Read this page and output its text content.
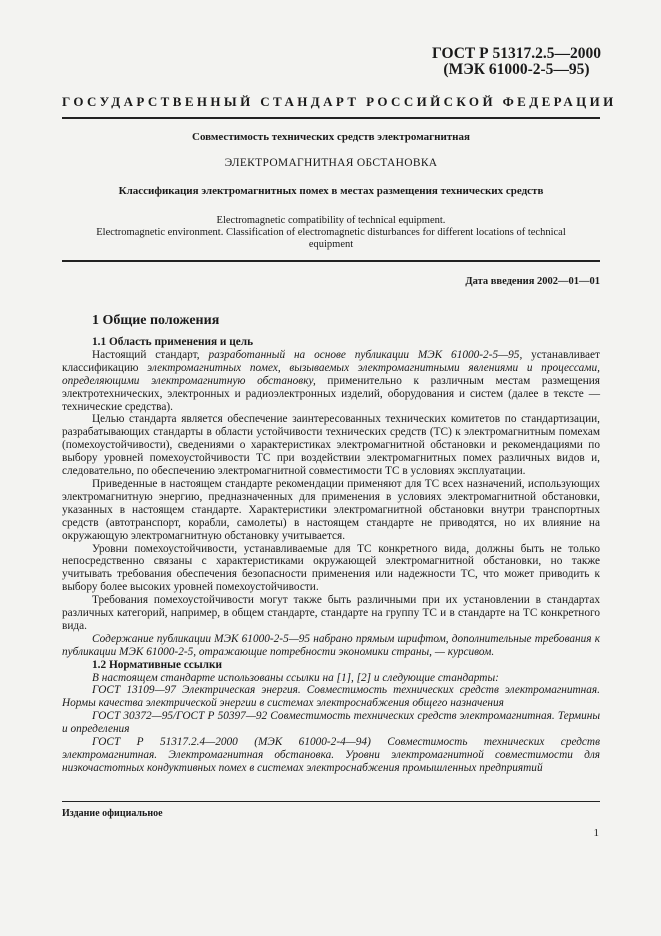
ГОСТ Р 51317.2.5—2000
(МЭК 61000-2-5—95)
ГОСУДАРСТВЕННЫЙ СТАНДАРТ РОССИЙСКОЙ ФЕДЕРАЦИИ
Совместимость технических средств электромагнитная
ЭЛЕКТРОМАГНИТНАЯ ОБСТАНОВКА
Классификация электромагнитных помех в местах размещения технических средств
Electromagnetic compatibility of technical equipment.
Electromagnetic environment. Classification of electromagnetic disturbances for different locations of technical equipment
Дата введения 2002—01—01
1 Общие положения

1.1 Область применения и цель

Настоящий стандарт, разработанный на основе публикации МЭК 61000-2-5—95, устанавливает классификацию электромагнитных помех, вызываемых электромагнитными явлениями и процессами, определяющими электромагнитную обстановку, применительно к различным местам размещения электротехнических, электронных и радиоэлектронных изделий, оборудования и систем (далее в тексте — технические средства).

Целью стандарта является обеспечение заинтересованных технических комитетов по стандартизации, разрабатывающих стандарты в области устойчивости технических средств (ТС) к электромагнитным помехам (помехоустойчивости), сведениями о характеристиках электромагнитной обстановки и рекомендациями по выбору уровней помехоустойчивости ТС при воздействии электромагнитных помех различных видов и, следовательно, по обеспечению электромагнитной совместимости ТС в условиях эксплуатации.

Приведенные в настоящем стандарте рекомендации применяют для ТС всех назначений, использующих электромагнитную энергию, предназначенных для применения в условиях электромагнитной обстановки, указанных в настоящем стандарте. Характеристики электромагнитной обстановки внутри транспортных средств (автотранспорт, корабли, самолеты) в настоящем стандарте не приводятся, но их влияние на окружающую электромагнитную обстановку учитывается.

Уровни помехоустойчивости, устанавливаемые для ТС конкретного вида, должны быть не только непосредственно связаны с характеристиками окружающей электромагнитной обстановки, но также учитывать требования обеспечения безопасности применения или надежности ТС, что может приводить к выбору более высоких уровней помехоустойчивости.

Требования помехоустойчивости могут также быть различными при их установлении в стандартах различных категорий, например, в общем стандарте, стандарте на группу ТС и в стандарте на ТС конкретного вида.

Содержание публикации МЭК 61000-2-5—95 набрано прямым шрифтом, дополнительные требования к публикации МЭК 61000-2-5, отражающие потребности экономики страны, — курсивом.

1.2 Нормативные ссылки

В настоящем стандарте использованы ссылки на [1], [2] и следующие стандарты:

ГОСТ 13109—97 Электрическая энергия. Совместимость технических средств электромагнитная. Нормы качества электрической энергии в системах электроснабжения общего назначения

ГОСТ 30372—95/ГОСТ Р 50397—92 Совместимость технических средств электромагнитная. Термины и определения

ГОСТ Р 51317.2.4—2000 (МЭК 61000-2-4—94) Совместимость технических средств электромагнитная. Электромагнитная обстановка. Уровни электромагнитной совместимости для низкочастотных кондуктивных помех в системах электроснабжения промышленных предприятий

Издание официальное
1
